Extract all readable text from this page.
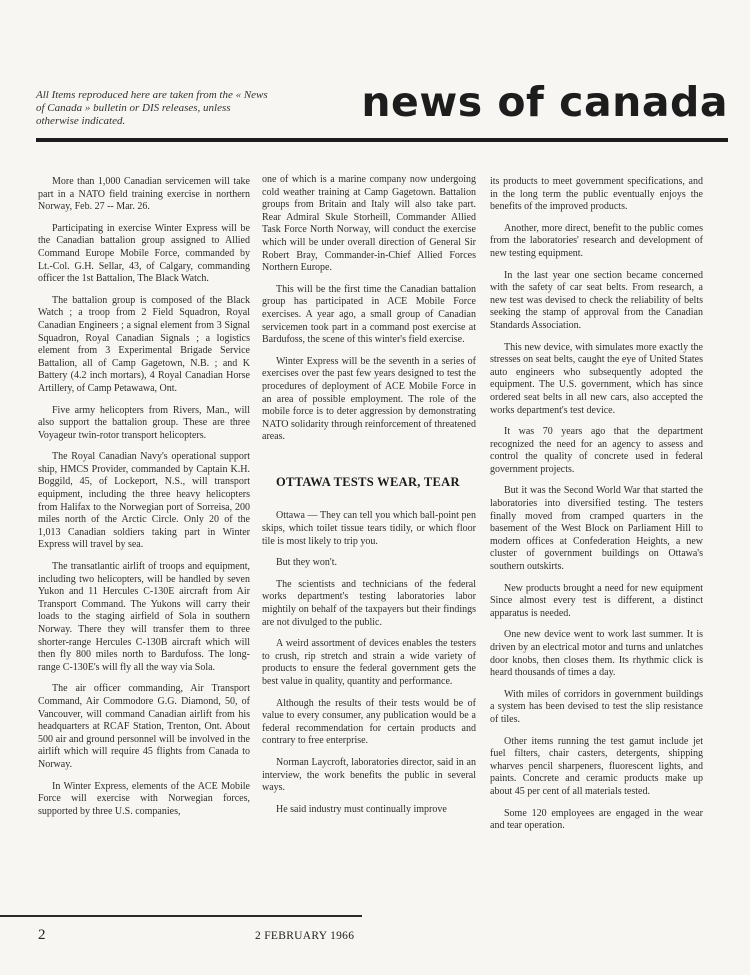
All Items reproduced here are taken from the « News of Canada » bulletin or DIS releases, unless otherwise indicated.	news of canada

More than 1,000 Canadian servicemen will take part in a NATO field training exercise in northern Norway, Feb. 27 -- Mar. 26.

Participating in exercise Winter Express will be the Canadian battalion group assigned to Allied Command Europe Mobile Force, commanded by Lt.-Col. G.H. Sellar, 43, of Calgary, commanding officer the 1st Battalion, The Black Watch.

The battalion group is composed of the Black Watch ; a troop from 2 Field Squadron, Royal Canadian Engineers ; a signal element from 3 Signal Squadron, Royal Canadian Signals ; a logistics element from 3 Experimental Brigade Service Battalion, all of Camp Gagetown, N.B. ; and K Battery (4.2 inch mortars), 4 Royal Canadian Horse Artillery, of Camp Petawawa, Ont.

Five army helicopters from Rivers, Man., will also support the battalion group. These are three Voyageur twin-rotor transport helicopters.

The Royal Canadian Navy's operational support ship, HMCS Provider, commanded by Captain K.H. Boggild, 45, of Lockeport, N.S., will transport equipment, including the three heavy helicopters from Halifax to the Norwegian port of Sorreisa, 200 miles north of the Arctic Circle. Only 20 of the 1,013 Canadian soldiers taking part in Winter Express will travel by sea.

The transatlantic airlift of troops and equipment, including two helicopters, will be handled by seven Yukon and 11 Hercules C-130E aircraft from Air Transport Command. The Yukons will carry their loads to the staging airfield of Sola in southern Norway. There they will transfer them to three shorter-range Hercules C-130B aircraft which will then fly 800 miles north to Bardufoss. The long-range C-130E's will fly all the way via Sola.

The air officer commanding, Air Transport Command, Air Commodore G.G. Diamond, 50, of Vancouver, will command Canadian airlift from his headquarters at RCAF Station, Trenton, Ont. About 500 air and ground personnel will be involved in the airlift which will require 45 flights from Canada to Norway.

In Winter Express, elements of the ACE Mobile Force will exercise with Norwegian forces, supported by three U.S. companies,

one of which is a marine company now undergoing cold weather training at Camp Gagetown. Battalion groups from Britain and Italy will also take part. Rear Admiral Skule Storheill, Commander Allied Task Force North Norway, will conduct the exercise which will be under overall direction of General Sir Robert Bray, Commander-in-Chief Allied Forces Northern Europe.

This will be the first time the Canadian battalion group has participated in ACE Mobile Force exercises. A year ago, a small group of Canadian servicemen took part in a command post exercise at Bardufoss, the scene of this winter's field exercise.

Winter Express will be the seventh in a series of exercises over the past few years designed to test the procedures of deployment of ACE Mobile Force in an area of possible employment. The role of the mobile force is to deter aggression by demonstrating NATO solidarity through reinforcement of threatened areas.

OTTAWA TESTS WEAR, TEAR

Ottawa — They can tell you which ball-point pen skips, which toilet tissue tears tidily, or which floor tile is most likely to trip you.

But they won't.

The scientists and technicians of the federal works department's testing laboratories labor mightily on behalf of the taxpayers but their findings are not divulged to the public.

A weird assortment of devices enables the testers to crush, rip stretch and strain a wide variety of products to ensure the federal government gets the best value in quality, quantity and performance.

Although the results of their tests would be of value to every consumer, any publication would be a federal recommendation for certain products and contrary to free enterprise.

Norman Laycroft, laboratories director, said in an interview, the work benefits the public in several ways.

He said industry must continually improve

its products to meet government specifications, and in the long term the public eventually enjoys the benefits of the improved products.

Another, more direct, benefit to the public comes from the laboratories' research and development of new testing equipment.

In the last year one section became concerned with the safety of car seat belts. From research, a new test was devised to check the reliability of belts seeking the stamp of approval from the Canadian Standards Association.

This new device, with simulates more exactly the stresses on seat belts, caught the eye of United States auto engineers who subsequently adopted the equipment. The U.S. government, which has since ordered seat belts in all new cars, also accepted the works department's test device.

It was 70 years ago that the department recognized the need for an agency to assess and control the quality of concrete used in federal government projects.

But it was the Second World War that started the laboratories into diversified testing. The testers finally moved from cramped quarters in the basement of the West Block on Parliament Hill to modern offices at Confederation Heights, a new cluster of government buildings on Ottawa's southern outskirts.

New products brought a need for new equipment Since almost every test is different, a distinct apparatus is needed.

One new device went to work last summer. It is driven by an electrical motor and turns and unlatches door knobs, then closes them. Its rhythmic click is heard thousands of times a day.

With miles of corridors in government buildings a system has been devised to test the slip resistance of tiles.

Other items running the test gamut include jet fuel filters, chair casters, detergents, shipping wharves pencil sharpeners, fluorescent lights, and paints. Concrete and ceramic products make up about 45 per cent of all materials tested.

Some 120 employees are engaged in the wear and tear operation.

2	2 FEBRUARY 1966
